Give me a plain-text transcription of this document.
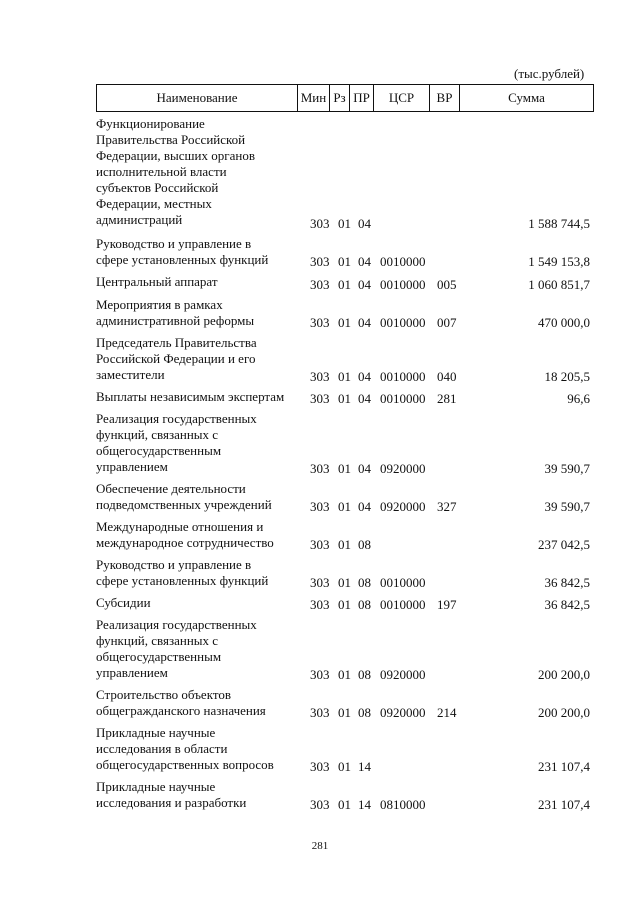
(тыс.рублей)
Наименование	Мин Рз ПР	ЦСР	ВР	Сумма
Функционирование
Правительства Российской
Федерации, высших органов
исполнительной власти
субъектов Российской
Федерации, местных
администраций	303 01 04	1 588 744,5
Руководство и управление в
сфере установленных функций	303 01 04 0010000	1 549 153,8
Центральный аппарат	303 01 04 0010000 005	1 060 851,7
Мероприятия в рамках
административной реформы	303 01 04 0010000 007	470 000,0
Председатель Правительства
Российской Федерации и его
заместители	303 01 04 0010000 040	18 205,5
Выплаты независимым экспертам	303 01 04 0010000 281	96,6
Реализация государственных
функций, связанных с
общегосударственным
управлением	303 01 04 0920000	39 590,7
Обеспечение деятельности
подведомственных учреждений	303 01 04 0920000 327	39 590,7
Международные отношения и
международное сотрудничество	303 01 08	237 042,5
Руководство и управление в
сфере установленных функций	303 01 08 0010000	36 842,5
Субсидии	303 01 08 0010000 197	36 842,5
Реализация государственных
функций, связанных с
общегосударственным
управлением	303 01 08 0920000	200 200,0
Строительство объектов
общегражданского назначения	303 01 08 0920000 214	200 200,0
Прикладные научные
исследования в области
общегосударственных вопросов	303 01 14	231 107,4
Прикладные научные
исследования и разработки	303 01 14 0810000	231 107,4
281
